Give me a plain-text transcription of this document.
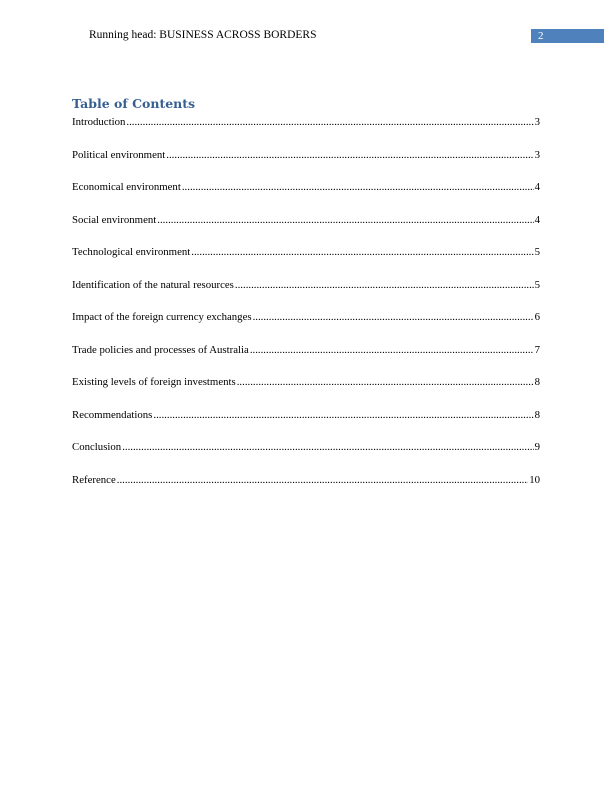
Running head: BUSINESS ACROSS BORDERS	2
Table of Contents
Introduction .....	3
Political environment .....	3
Economical environment .....	4
Social environment .....	4
Technological environment .....	5
Identification of the natural resources .....	5
Impact of the foreign currency exchanges .....	6
Trade policies and processes of Australia .....	7
Existing levels of foreign investments .....	8
Recommendations .....	8
Conclusion .....	9
Reference .....	10
